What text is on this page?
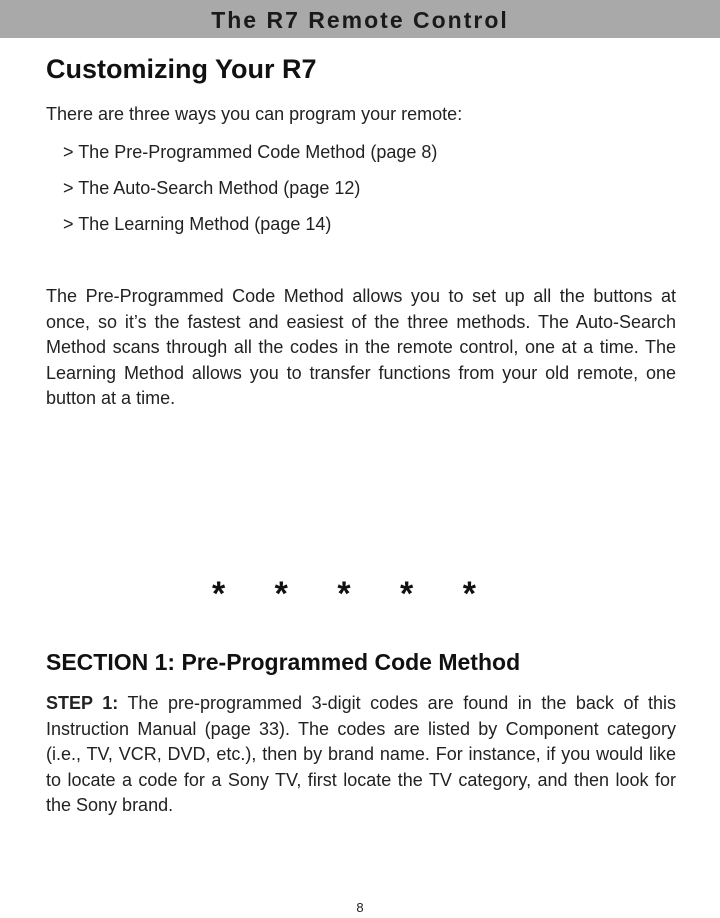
The R7 Remote Control
Customizing Your R7

There are three ways you can program your remote:

> The Pre-Programmed Code Method (page 8)
> The Auto-Search Method (page 12)
> The Learning Method (page 14)

The Pre-Programmed Code Method allows you to set up all the buttons at once, so it’s the fastest and easiest of the three methods. The Auto-Search Method scans through all the codes in the remote control, one at a time. The Learning Method allows you to transfer functions from your old remote, one button at a time.

* * * * *
SECTION 1: Pre-Programmed Code Method

STEP 1: The pre-programmed 3-digit codes are found in the back of this Instruction Manual (page 33). The codes are listed by Component category (i.e., TV, VCR, DVD, etc.), then by brand name. For instance, if you would like to locate a code for a Sony TV, first locate the TV category, and then look for the Sony brand.

8
